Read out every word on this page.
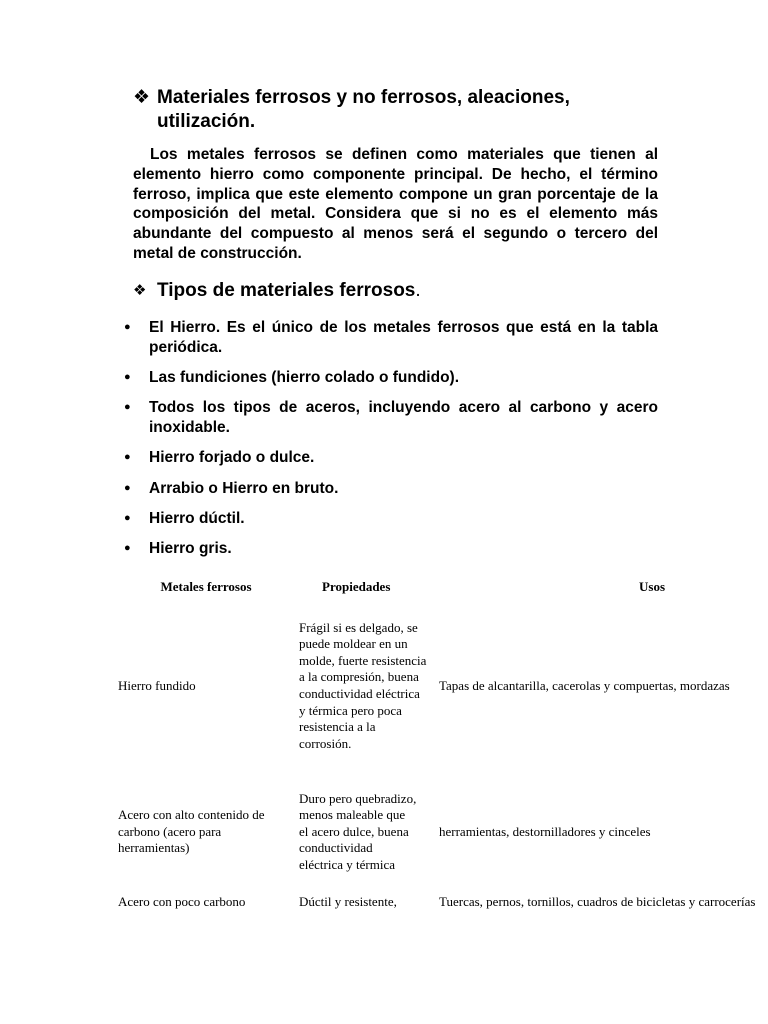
❖ Materiales ferrosos y no ferrosos, aleaciones, utilización.
Los metales ferrosos se definen como materiales que tienen al elemento hierro como componente principal. De hecho, el término ferroso, implica que este elemento compone un gran porcentaje de la composición del metal. Considera que si no es el elemento más abundante del compuesto al menos será el segundo o tercero del metal de construcción.
❖ Tipos de materiales ferrosos.
●	El Hierro. Es el único de los metales ferrosos que está en la tabla periódica.
●	Las fundiciones (hierro colado o fundido).
●	Todos los tipos de aceros, incluyendo acero al carbono y acero inoxidable.
●	Hierro forjado o dulce.
●	Arrabio o Hierro en bruto.
●	Hierro dúctil.
●	Hierro gris.
Metales ferrosos	Propiedades	Usos
Hierro fundido	Frágil si es delgado, se puede moldear en un molde, fuerte resistencia a la compresión, buena conductividad eléctrica y térmica pero poca resistencia a la corrosión.	Tapas de alcantarilla, cacerolas y compuertas, mordazas

Acero con alto contenido de carbono (acero para herramientas)	Duro pero quebradizo, menos maleable que el acero dulce, buena conductividad eléctrica y térmica	herramientas, destornilladores y cinceles
Acero con poco carbono	Dúctil y resistente,	Tuercas, pernos, tornillos, cuadros de bicicletas y carrocerías
